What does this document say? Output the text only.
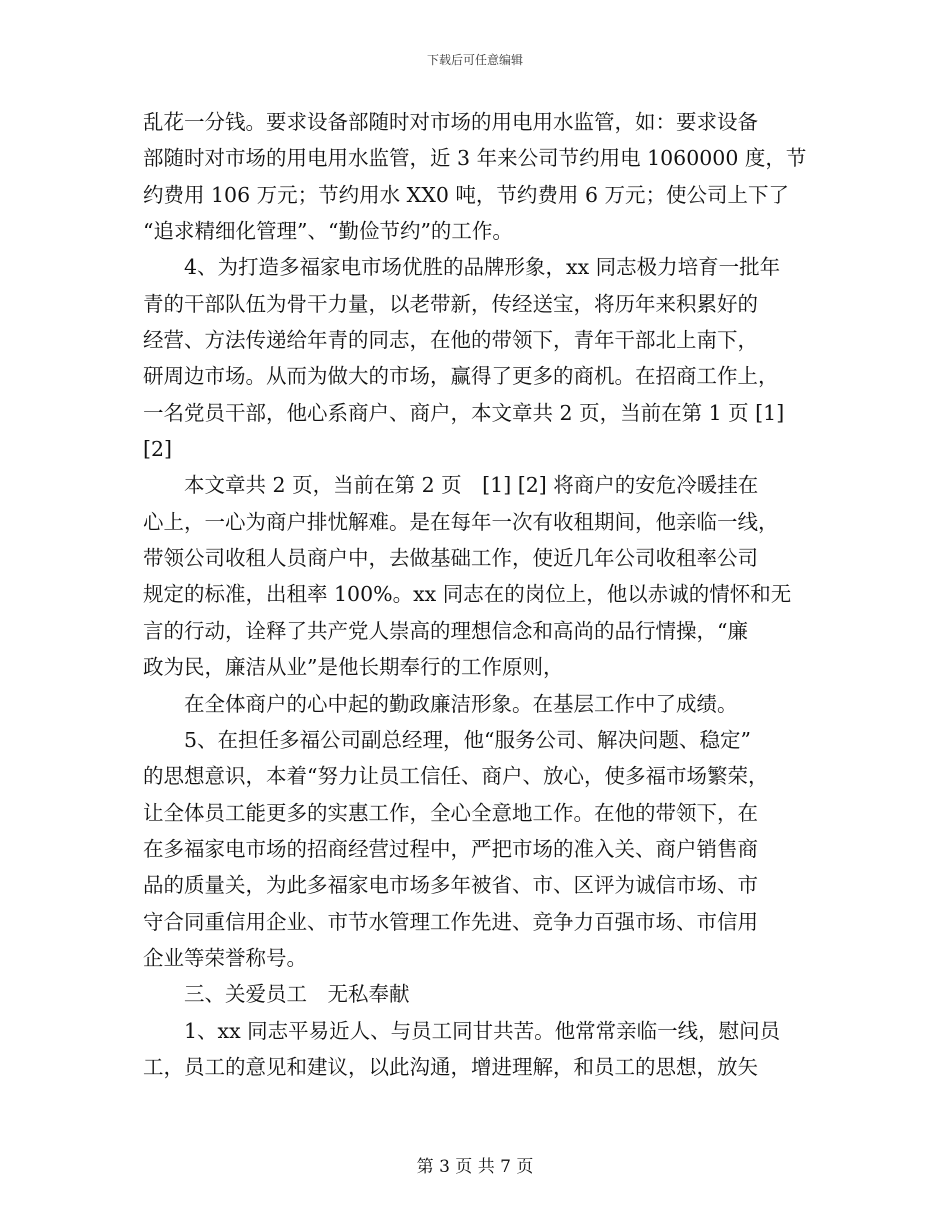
下载后可任意编辑
乱花一分钱。要求设备部随时对市场的用电用水监管，如：要求设备
部随时对市场的用电用水监管，近 3 年来公司节约用电 1060000 度，节
约费用 106 万元；节约用水 XX0 吨，节约费用 6 万元；使公司上下了
“追求精细化管理”、“勤俭节约”的工作。
　　4、为打造多福家电市场优胜的品牌形象，xx 同志极力培育一批年
青的干部队伍为骨干力量，以老带新，传经送宝，将历年来积累好的
经营、方法传递给年青的同志，在他的带领下，青年干部北上南下，
研周边市场。从而为做大的市场，赢得了更多的商机。在招商工作上，
一名党员干部，他心系商户、商户，本文章共 2 页，当前在第 1 页 [1]
[2]
　　本文章共 2 页，当前在第 2 页　[1] [2] 将商户的安危冷暖挂在
心上，一心为商户排忧解难。是在每年一次有收租期间，他亲临一线，
带领公司收租人员商户中，去做基础工作，使近几年公司收租率公司
规定的标准，出租率 100%。xx 同志在的岗位上，他以赤诚的情怀和无
言的行动，诠释了共产党人崇高的理想信念和高尚的品行情操，“廉
政为民，廉洁从业”是他长期奉行的工作原则，
　　在全体商户的心中起的勤政廉洁形象。在基层工作中了成绩。
　　5、在担任多福公司副总经理，他“服务公司、解决问题、稳定”
的思想意识，本着“努力让员工信任、商户、放心，使多福市场繁荣，
让全体员工能更多的实惠工作，全心全意地工作。在他的带领下，在
在多福家电市场的招商经营过程中，严把市场的准入关、商户销售商
品的质量关，为此多福家电市场多年被省、市、区评为诚信市场、市
守合同重信用企业、市节水管理工作先进、竞争力百强市场、市信用
企业等荣誉称号。
　　三、关爱员工　无私奉献
　　1、xx 同志平易近人、与员工同甘共苦。他常常亲临一线，慰问员
工，员工的意见和建议，以此沟通，增进理解，和员工的思想，放矢
第 3 页 共 7 页
